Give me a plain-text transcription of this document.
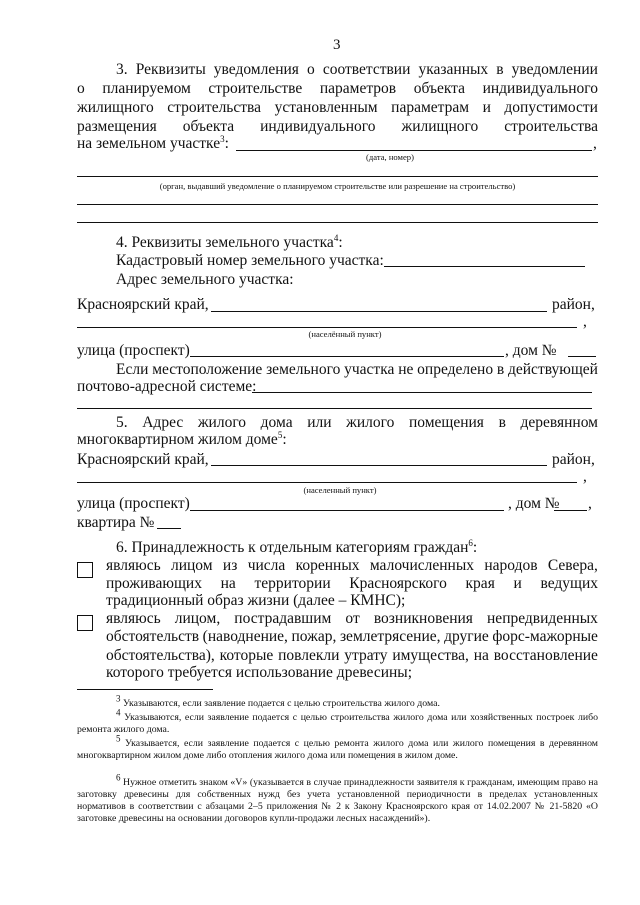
3
3. Реквизиты уведомления о соответствии указанных в уведомлении
о планируемом строительстве параметров объекта индивидуального
жилищного строительства установленным параметрам и допустимости
размещения объекта индивидуального жилищного строительства
на земельном участке$^3$:	,
(дата, номер)
(орган, выдавший уведомление о планируемом строительстве или разрешение на строительство)
4. Реквизиты земельного участка$^4$:
Кадастровый номер земельного участка:
Адрес земельного участка:
Красноярский край,	район,
,
(населённый пункт)
улица (проспект)	, дом №
Если местоположение земельного участка не определено в действующей
почтово-адресной системе:
5. Адрес жилого дома или жилого помещения в деревянном
многоквартирном жилом доме$^5$:
Красноярский край,	район,
,
(населенный пункт)
улица (проспект)	, дом № ,
квартира №
6. Принадлежность к отдельным категориям граждан$^6$:
являюсь лицом из числа коренных малочисленных народов Севера,
проживающих на территории Красноярского края и ведущих
традиционный образ жизни (далее – КМНС);
являюсь лицом, пострадавшим от возникновения непредвиденных
обстоятельств (наводнение, пожар, землетрясение, другие форс-мажорные
обстоятельства), которые повлекли утрату имущества, на восстановление
которого требуется использование древесины;
$^3$ Указываются, если заявление подается с целью строительства жилого дома.
$^4$ Указываются, если заявление подается с целью строительства жилого дома или хозяйственных построек либо ремонта жилого дома.
$^5$ Указывается, если заявление подается с целью ремонта жилого дома или жилого помещения в деревянном многоквартирном жилом доме либо отопления жилого дома или помещения в жилом доме.
$^6$ Нужное отметить знаком «V» (указывается в случае принадлежности заявителя к гражданам, имеющим право на заготовку древесины для собственных нужд без учета установленной периодичности в пределах установленных нормативов в соответствии с абзацами 2–5 приложения № 2 к Закону Красноярского края от 14.02.2007 № 21-5820 «О заготовке древесины на основании договоров купли-продажи лесных насаждений»).
